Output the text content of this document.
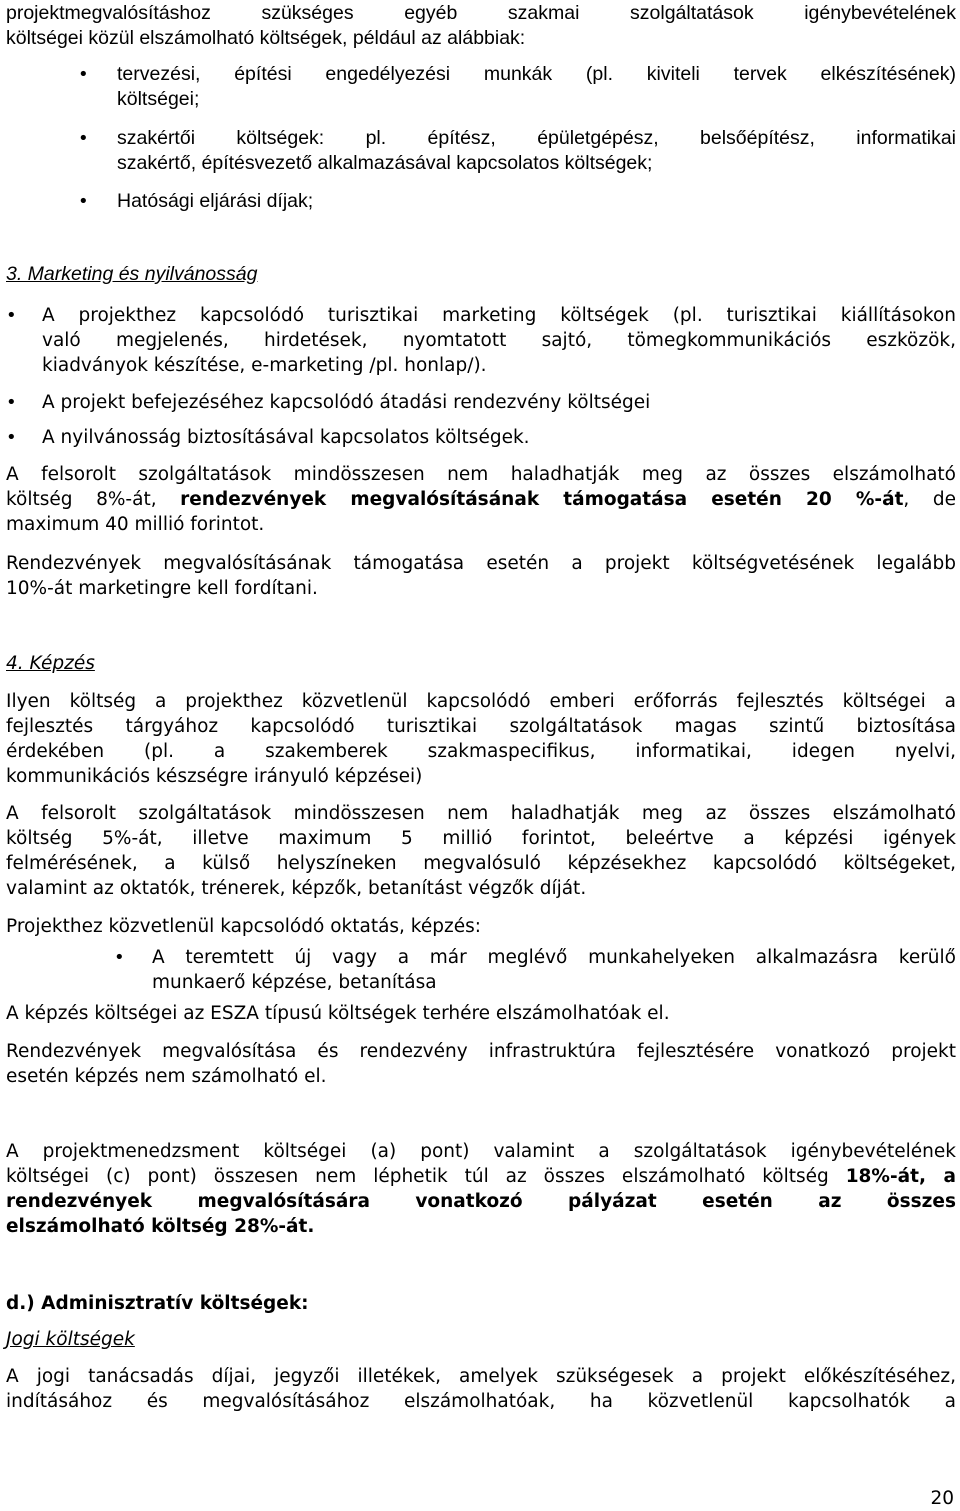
projektmegvalósításhoz szükséges egyéb szakmai szolgáltatások igénybevételének
költségei közül elszámolható költségek, például az alábbiak:

•

tervezési, építési engedélyezési munkák (pl. kiviteli tervek elkészítésének)
költségei;

•

szakértői költségek: pl. építész, épületgépész, belsőépítész, informatikai
szakértő, építésvezető alkalmazásával kapcsolatos költségek;

•

Hatósági eljárási díjak;

3. Marketing és nyilvánosság

•

A projekthez kapcsolódó turisztikai marketing költségek (pl. turisztikai kiállításokon
való megjelenés, hirdetések, nyomtatott sajtó, tömegkommunikációs eszközök,
kiadványok készítése, e-marketing /pl. honlap/).

•

A projekt befejezéséhez kapcsolódó átadási rendezvény költségei

•

A nyilvánosság biztosításával kapcsolatos költségek.

A felsorolt szolgáltatások mindösszesen nem haladhatják meg az összes elszámolható
költség 8%-át, rendezvények megvalósításának támogatása esetén 20 %-át, de
maximum 40 millió forintot.

Rendezvények megvalósításának támogatása esetén a projekt költségvetésének legalább
10%-át marketingre kell fordítani.

4. Képzés

Ilyen költség a projekthez közvetlenül kapcsolódó emberi erőforrás fejlesztés költségei a
fejlesztés tárgyához kapcsolódó turisztikai szolgáltatások magas szintű biztosítása
érdekében (pl. a szakemberek szakmaspecifikus, informatikai, idegen nyelvi,
kommunikációs készségre irányuló képzései)

A felsorolt szolgáltatások mindösszesen nem haladhatják meg az összes elszámolható
költség 5%-át, illetve maximum 5 millió forintot, beleértve a képzési igények
felmérésének, a külső helyszíneken megvalósuló képzésekhez kapcsolódó költségeket,
valamint az oktatók, trénerek, képzők, betanítást végzők díját.

Projekthez közvetlenül kapcsolódó oktatás, képzés:

•

A teremtett új vagy a már meglévő munkahelyeken alkalmazásra kerülő
munkaerő képzése, betanítása

A képzés költségei az ESZA típusú költségek terhére elszámolhatóak el.

Rendezvények megvalósítása és rendezvény infrastruktúra fejlesztésére vonatkozó projekt
esetén képzés nem számolható el.

A projektmenedzsment költségei (a) pont) valamint a szolgáltatások igénybevételének
költségei (c) pont) összesen nem léphetik túl az összes elszámolható költség 18%-át, a
rendezvények megvalósítására vonatkozó pályázat esetén az összes
elszámolható költség 28%-át.

d.) Adminisztratív költségek:

Jogi költségek

A jogi tanácsadás díjai, jegyzői illetékek, amelyek szükségesek a projekt előkészítéséhez,
indításához és megvalósításához elszámolhatóak, ha közvetlenül kapcsolhatók a

20
